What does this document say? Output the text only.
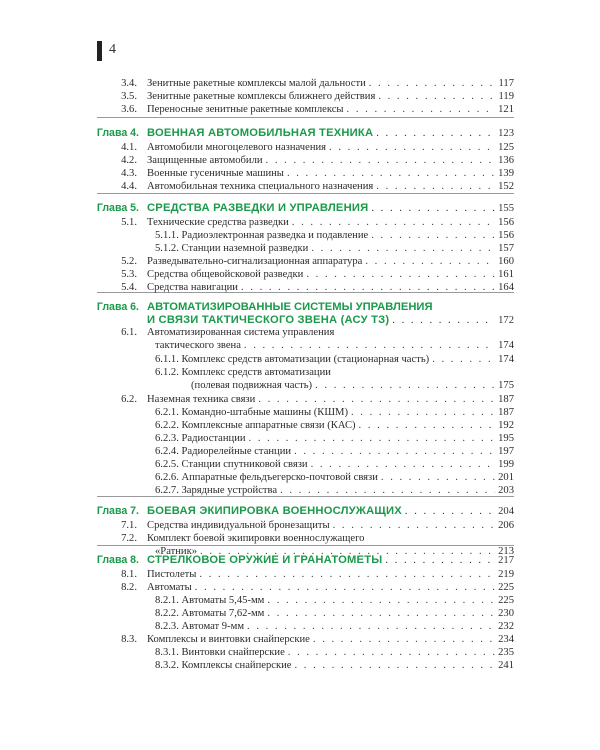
4
3.4. Зенитные ракетные комплексы малой дальности . . .	117
3.5. Зенитные ракетные комплексы ближнего действия . . .	119
3.6. Переносные зенитные ракетные комплексы . . .	121
Глава 4. ВОЕННАЯ АВТОМОБИЛЬНАЯ ТЕХНИКА . . .	123
4.1. Автомобили многоцелевого назначения . . .	125
4.2. Защищенные автомобили . . .	136
4.3. Военные гусеничные машины . . .	139
4.4. Автомобильная техника специального назначения . . .	152
Глава 5. СРЕДСТВА РАЗВЕДКИ И УПРАВЛЕНИЯ . . .	155
5.1. Технические средства разведки . . .	156
5.1.1. Радиоэлектронная разведка и подавление . . .	156
5.1.2. Станции наземной разведки . . .	157
5.2. Разведывательно-сигнализационная аппаратура . . .	160
5.3. Средства общевойсковой разведки . . .	161
5.4. Средства навигации . . .	164
Глава 6. АВТОМАТИЗИРОВАННЫЕ СИСТЕМЫ УПРАВЛЕНИЯ
И СВЯЗИ ТАКТИЧЕСКОГО ЗВЕНА (АСУ ТЗ) . . .	172
6.1. Автоматизированная система управления
тактического звена . . .	174
6.1.1. Комплекс средств автоматизации (стационарная часть) . . .	174
6.1.2. Комплекс средств автоматизации
(полевая подвижная часть) . . .	175
6.2. Наземная техника связи . . .	187
6.2.1. Командно-штабные машины (КШМ) . . .	187
6.2.2. Комплексные аппаратные связи (КАС) . . .	192
6.2.3. Радиостанции . . .	195
6.2.4. Радиорелейные станции . . .	197
6.2.5. Станции спутниковой связи . . .	199
6.2.6. Аппаратные фельдъегерско-почтовой связи . . .	201
6.2.7. Зарядные устройства . . .	203
Глава 7. БОЕВАЯ ЭКИПИРОВКА ВОЕННОСЛУЖАЩИХ . . .	204
7.1. Средства индивидуальной бронезащиты . . .	206
7.2. Комплект боевой экипировки военнослужащего
«Ратник» . . .	213
Глава 8. СТРЕЛКОВОЕ ОРУЖИЕ И ГРАНАТОМЕТЫ . . .	217
8.1. Пистолеты . . .	219
8.2. Автоматы . . .	225
8.2.1. Автоматы 5,45-мм . . .	225
8.2.2. Автоматы 7,62-мм . . .	230
8.2.3. Автомат 9-мм . . .	232
8.3. Комплексы и винтовки снайперские . . .	234
8.3.1. Винтовки снайперские . . .	235
8.3.2. Комплексы снайперские . . .	241
